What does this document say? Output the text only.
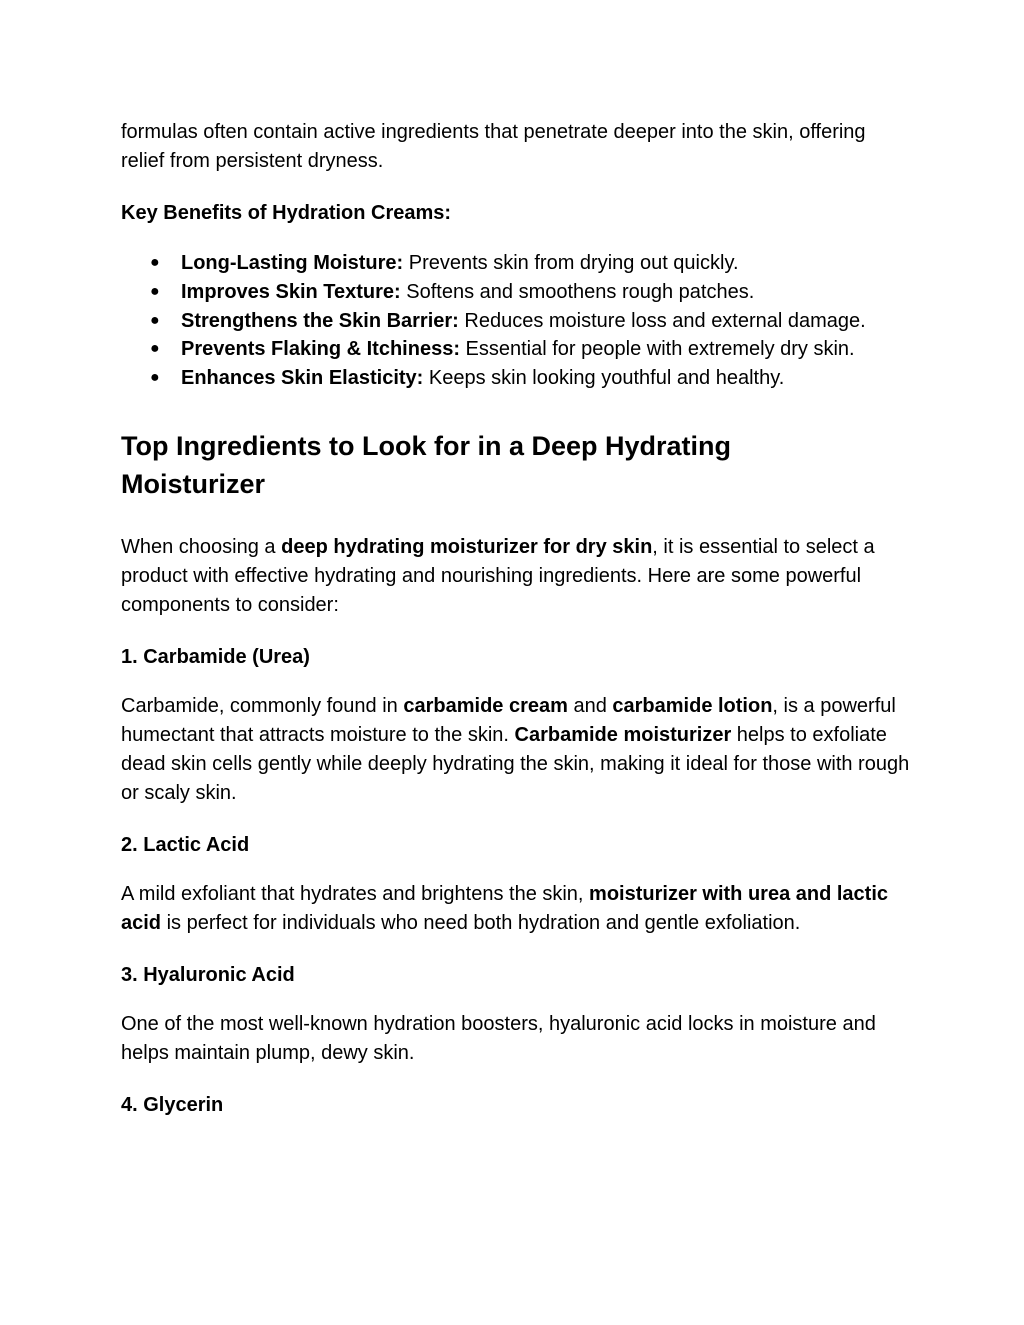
formulas often contain active ingredients that penetrate deeper into the skin, offering relief from persistent dryness.

Key Benefits of Hydration Creams:
● Long-Lasting Moisture: Prevents skin from drying out quickly.
● Improves Skin Texture: Softens and smoothens rough patches.
● Strengthens the Skin Barrier: Reduces moisture loss and external damage.
● Prevents Flaking & Itchiness: Essential for people with extremely dry skin.
● Enhances Skin Elasticity: Keeps skin looking youthful and healthy.
Top Ingredients to Look for in a Deep Hydrating Moisturizer

When choosing a deep hydrating moisturizer for dry skin, it is essential to select a product with effective hydrating and nourishing ingredients. Here are some powerful components to consider:

1. Carbamide (Urea)

Carbamide, commonly found in carbamide cream and carbamide lotion, is a powerful humectant that attracts moisture to the skin. Carbamide moisturizer helps to exfoliate dead skin cells gently while deeply hydrating the skin, making it ideal for those with rough or scaly skin.

2. Lactic Acid

A mild exfoliant that hydrates and brightens the skin, moisturizer with urea and lactic acid is perfect for individuals who need both hydration and gentle exfoliation.

3. Hyaluronic Acid

One of the most well-known hydration boosters, hyaluronic acid locks in moisture and helps maintain plump, dewy skin.

4. Glycerin
